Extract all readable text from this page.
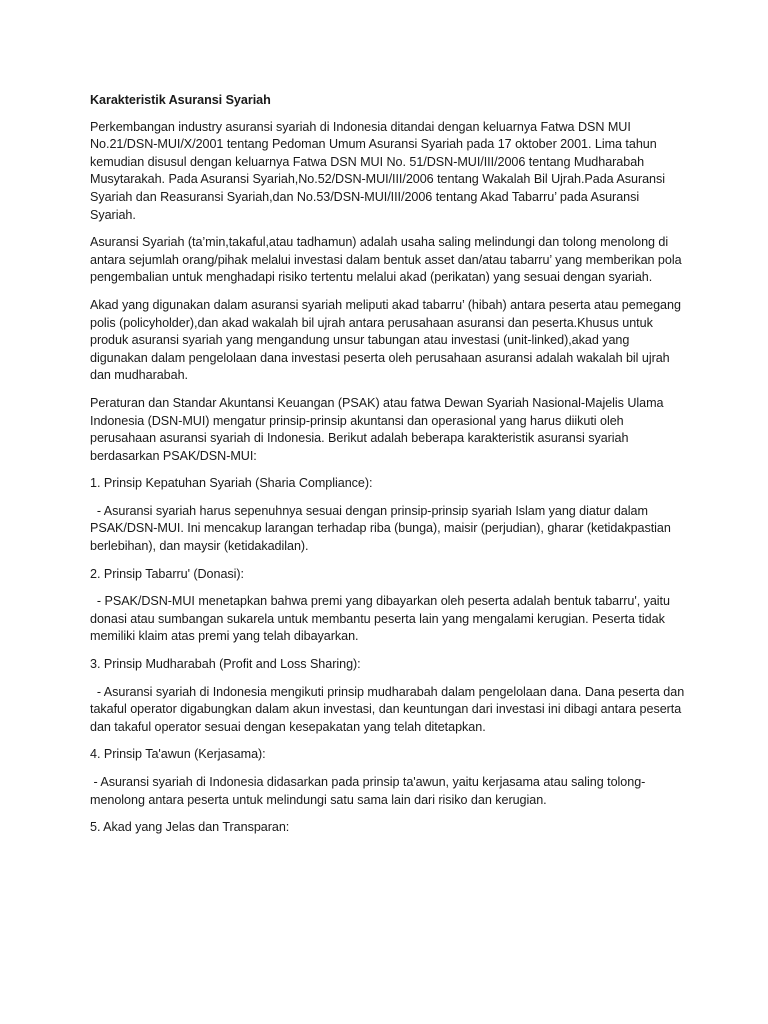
Karakteristik Asuransi Syariah

Perkembangan industry asuransi syariah di Indonesia ditandai dengan keluarnya Fatwa DSN MUI No.21/DSN-MUI/X/2001 tentang Pedoman Umum Asuransi Syariah pada 17 oktober 2001. Lima tahun kemudian disusul dengan keluarnya Fatwa DSN MUI No. 51/DSN-MUI/III/2006 tentang Mudharabah Musytarakah. Pada Asuransi Syariah,No.52/DSN-MUI/III/2006 tentang Wakalah Bil Ujrah.Pada Asuransi Syariah dan Reasuransi Syariah,dan No.53/DSN-MUI/III/2006 tentang Akad Tabarru’ pada Asuransi Syariah.

Asuransi Syariah (ta’min,takaful,atau tadhamun) adalah usaha saling melindungi dan tolong menolong di antara sejumlah orang/pihak melalui investasi dalam bentuk asset dan/atau tabarru’ yang memberikan pola pengembalian untuk menghadapi risiko tertentu melalui akad (perikatan) yang sesuai dengan syariah.

Akad yang digunakan dalam asuransi syariah meliputi akad tabarru’ (hibah) antara peserta atau pemegang polis (policyholder),dan akad wakalah bil ujrah antara perusahaan asuransi dan peserta.Khusus untuk produk asuransi syariah yang mengandung unsur tabungan atau investasi (unit-linked),akad yang digunakan dalam pengelolaan dana investasi peserta oleh perusahaan asuransi adalah wakalah bil ujrah dan mudharabah.

Peraturan dan Standar Akuntansi Keuangan (PSAK) atau fatwa Dewan Syariah Nasional-Majelis Ulama Indonesia (DSN-MUI) mengatur prinsip-prinsip akuntansi dan operasional yang harus diikuti oleh perusahaan asuransi syariah di Indonesia. Berikut adalah beberapa karakteristik asuransi syariah berdasarkan PSAK/DSN-MUI:

1. Prinsip Kepatuhan Syariah (Sharia Compliance):

- Asuransi syariah harus sepenuhnya sesuai dengan prinsip-prinsip syariah Islam yang diatur dalam PSAK/DSN-MUI. Ini mencakup larangan terhadap riba (bunga), maisir (perjudian), gharar (ketidakpastian berlebihan), dan maysir (ketidakadilan).

2. Prinsip Tabarru' (Donasi):

- PSAK/DSN-MUI menetapkan bahwa premi yang dibayarkan oleh peserta adalah bentuk tabarru', yaitu donasi atau sumbangan sukarela untuk membantu peserta lain yang mengalami kerugian. Peserta tidak memiliki klaim atas premi yang telah dibayarkan.

3. Prinsip Mudharabah (Profit and Loss Sharing):

- Asuransi syariah di Indonesia mengikuti prinsip mudharabah dalam pengelolaan dana. Dana peserta dan takaful operator digabungkan dalam akun investasi, dan keuntungan dari investasi ini dibagi antara peserta dan takaful operator sesuai dengan kesepakatan yang telah ditetapkan.

4. Prinsip Ta'awun (Kerjasama):

- Asuransi syariah di Indonesia didasarkan pada prinsip ta'awun, yaitu kerjasama atau saling tolong-menolong antara peserta untuk melindungi satu sama lain dari risiko dan kerugian.

5. Akad yang Jelas dan Transparan:
